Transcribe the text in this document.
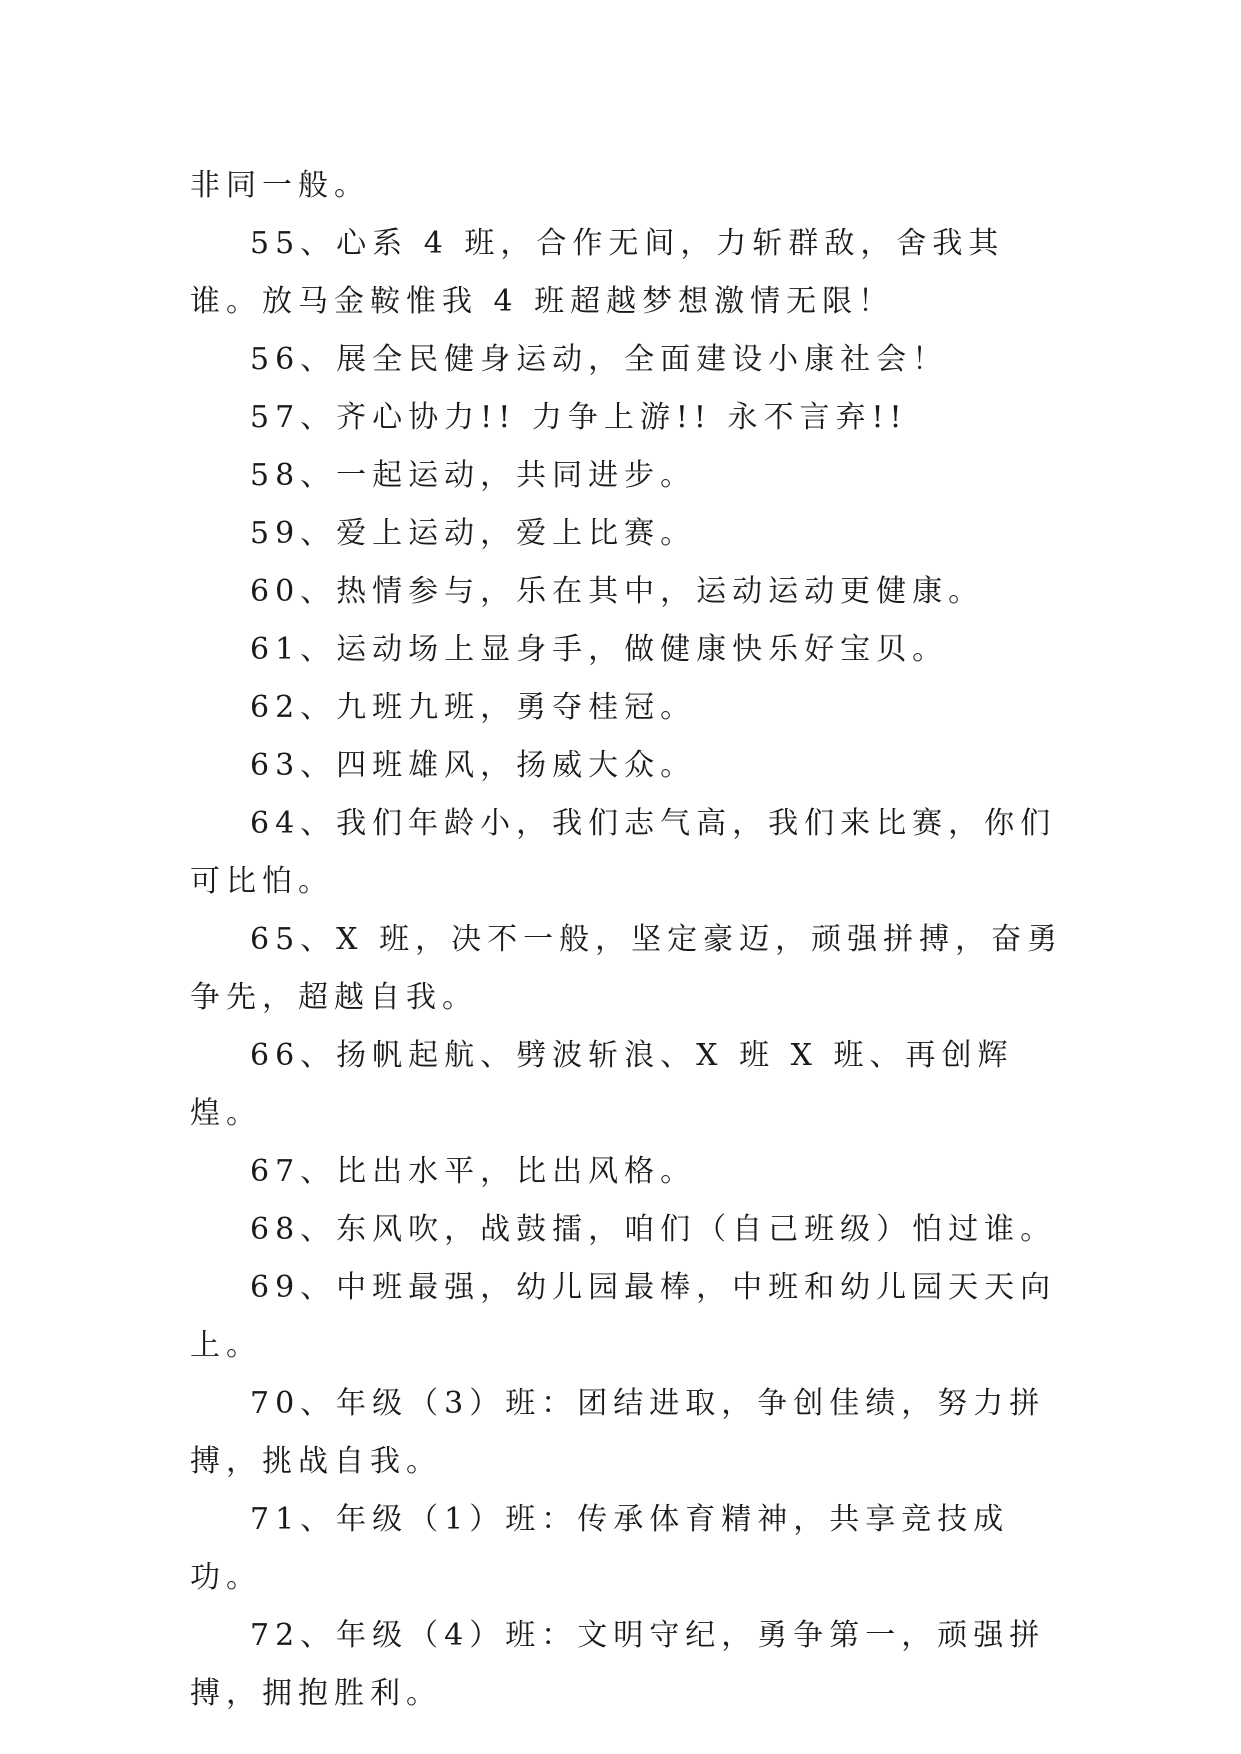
非同一般。

55、心系 4 班，合作无间，力斩群敌，舍我其谁。放马金鞍惟我 4 班超越梦想激情无限！

56、展全民健身运动，全面建设小康社会！

57、齐心协力!! 力争上游!! 永不言弃!!

58、一起运动，共同进步。

59、爱上运动，爱上比赛。

60、热情参与，乐在其中，运动运动更健康。

61、运动场上显身手，做健康快乐好宝贝。

62、九班九班，勇夺桂冠。

63、四班雄风，扬威大众。

64、我们年龄小，我们志气高，我们来比赛，你们可比怕。

65、X 班，决不一般，坚定豪迈，顽强拼搏，奋勇争先，超越自我。

66、扬帆起航、劈波斩浪、X 班 X 班、再创辉煌。

67、比出水平，比出风格。

68、东风吹，战鼓擂，咱们（自己班级）怕过谁。

69、中班最强，幼儿园最棒，中班和幼儿园天天向上。

70、年级（3）班：团结进取，争创佳绩，努力拼搏，挑战自我。

71、年级（1）班：传承体育精神，共享竞技成功。

72、年级（4）班：文明守纪，勇争第一，顽强拼搏，拥抱胜利。
